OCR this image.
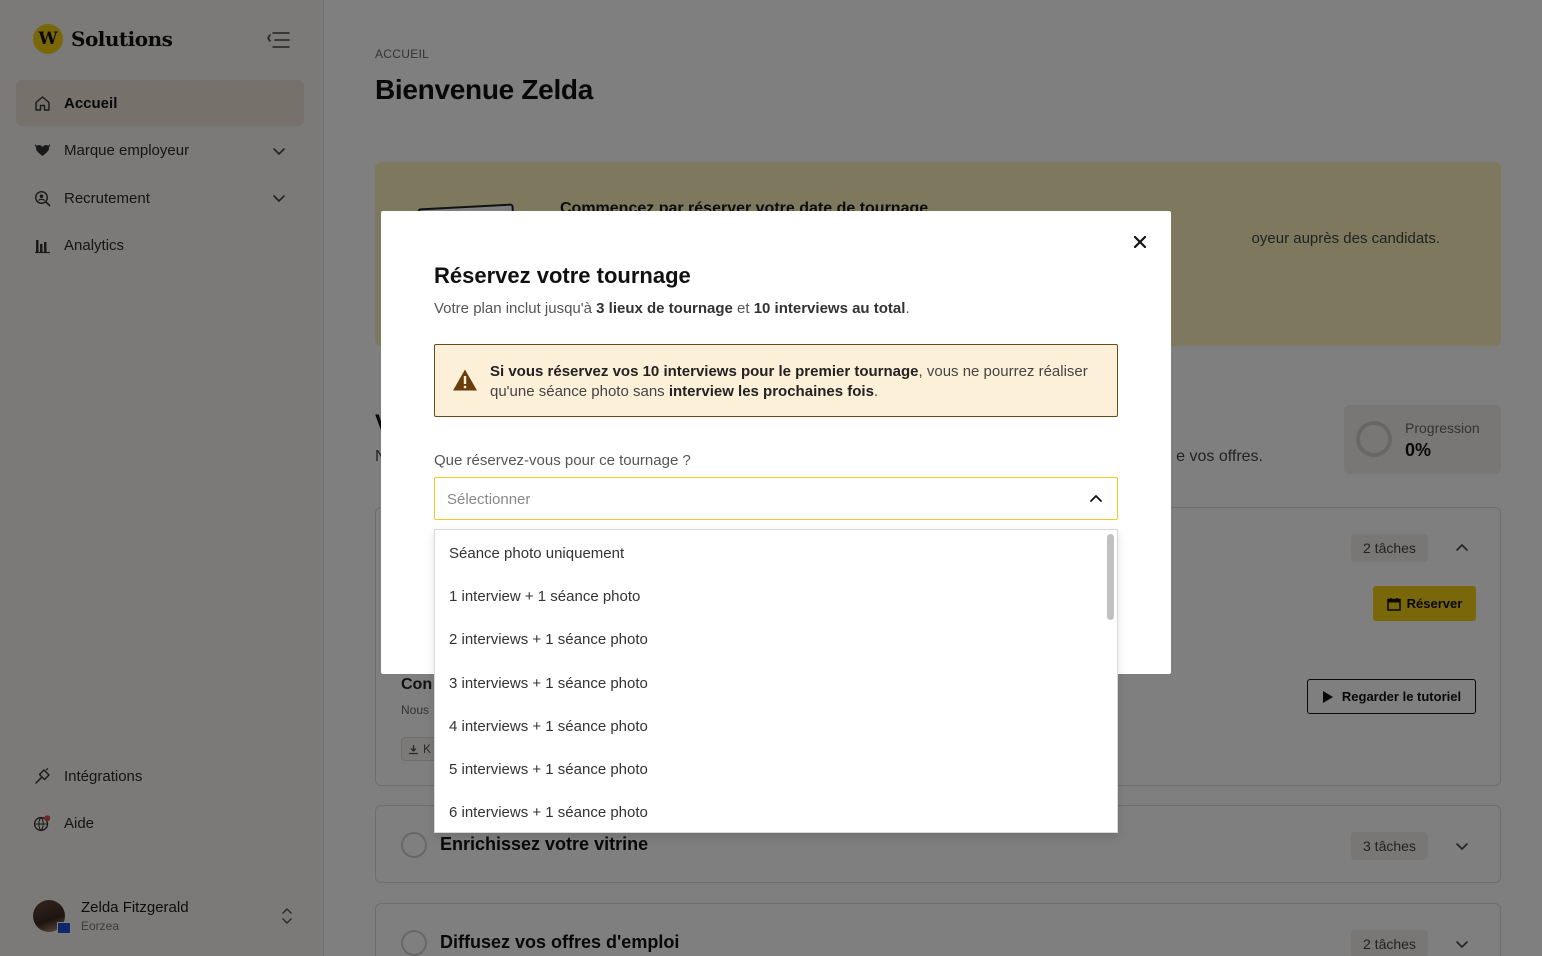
Réservez votre tournage

Votre plan inclut jusqu'à 3 lieux de tournage et 10 interviews au total.

Si vous réservez vos 10 interviews pour le premier tournage, vous ne pourrez réaliser qu'une séance photo sans interview les prochaines fois.
Que réservez-vous pour ce tournage ?
Sélectionner
Séance photo uniquement
1 interview + 1 séance photo
2 interviews + 1 séance photo
3 interviews + 1 séance photo
4 interviews + 1 séance photo
5 interviews + 1 séance photo
6 interviews + 1 séance photo
